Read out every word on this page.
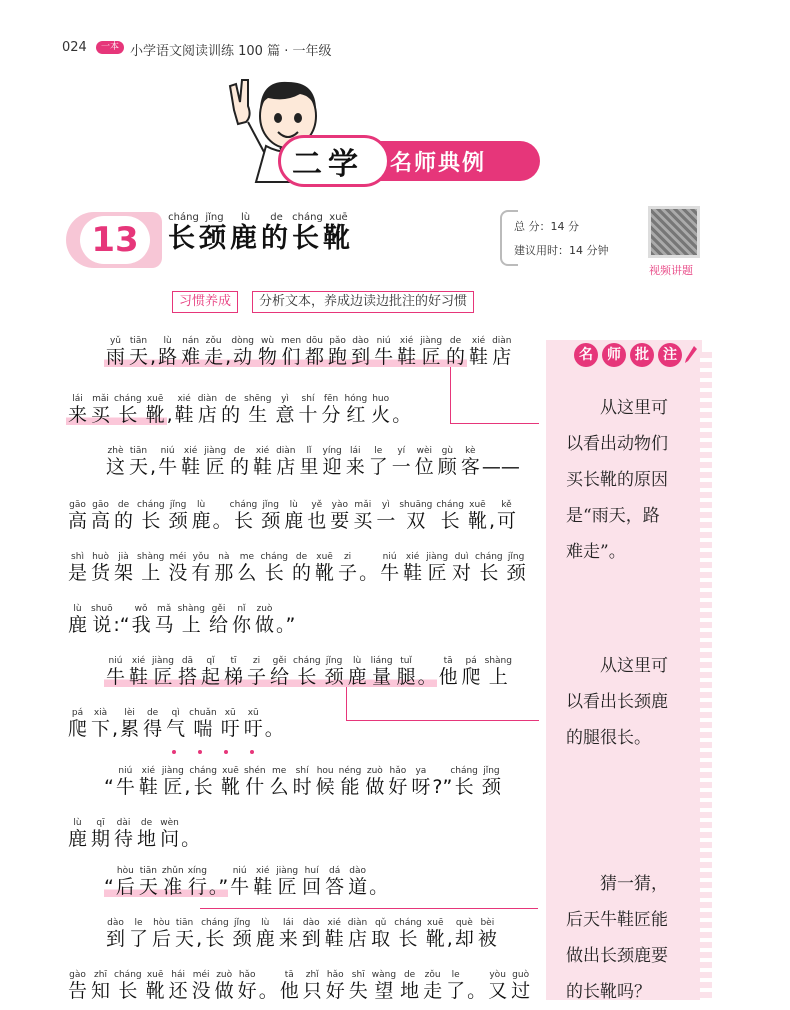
024	一本 小学语文阅读训练 100 篇 · 一年级
二学 名师典例
13	长cháng颈jǐng鹿lù的de长cháng靴xuē
总 分：14 分
建议用时：14 分钟
视频讲题
习惯养成	分析文本，养成边读边批注的好习惯
名	师	批	注
从这里可
以看出动物们
买长靴的原因
是“雨天，路
难走”。
从这里可
以看出长颈鹿
的腿很长。
猜一猜，
后天牛鞋匠能
做出长颈鹿要
的长靴吗？
雨yǔ天tiān, 路lù难nán走zǒu,动dòng物wù们men都dōu跑pǎo到dào牛niú鞋xié匠jiàng的de鞋xié店diàn
来lái买mǎi长cháng靴xuē, 鞋xié店diàn的de生shēng意yì十shí分fēn红hóng火huo。
这zhè天tiān, 牛niú鞋xié匠jiàng的de鞋xié店diàn里lǐ迎yíng来lái了le一yí位wèi顾gù客kè——
高gāo高gāo的de长cháng颈jǐng鹿lù。长cháng颈jǐng鹿lù也yě要yào买mǎi一yì双shuāng长cháng靴xuē, 可kě
是shì货huò架jià上shàng没méi有yǒu那nà么me长cháng的de靴xuē子zi。 牛niú鞋xié匠jiàng对duì长cháng颈jǐng
鹿lù说shuō:“ 我wǒ马mǎ上shàng给gěi你nǐ做zuò。”
牛niú鞋xié匠jiàng搭dā起qǐ梯tī子zi给gěi长cháng颈jǐng鹿lù量liáng腿tuǐ。 他tā爬pá上shàng
爬pá下xià, 累lèi得de气qì喘chuǎn吁xū吁xū。
“ 牛niú鞋xié匠jiàng,长cháng靴xuē什shén么me时shí候hou能néng做zuò好hǎo呀ya?”长cháng颈jǐng
鹿lù期qī待dài地de问wèn。
“ 后hòu天tiān准zhǔn行xíng。” 牛niú鞋xié匠jiàng回huí答dá道dào。
到dào了le后hòu天tiān,长cháng颈jǐng鹿lù来lái到dào鞋xié店diàn取qǔ长cháng靴xuē, 却què被bèi
告gào知zhī长cháng靴xuē还hái没méi做zuò好hǎo。 他tā只zhǐ好hǎo失shī望wàng地de走zǒu了le。 又yòu过guò
